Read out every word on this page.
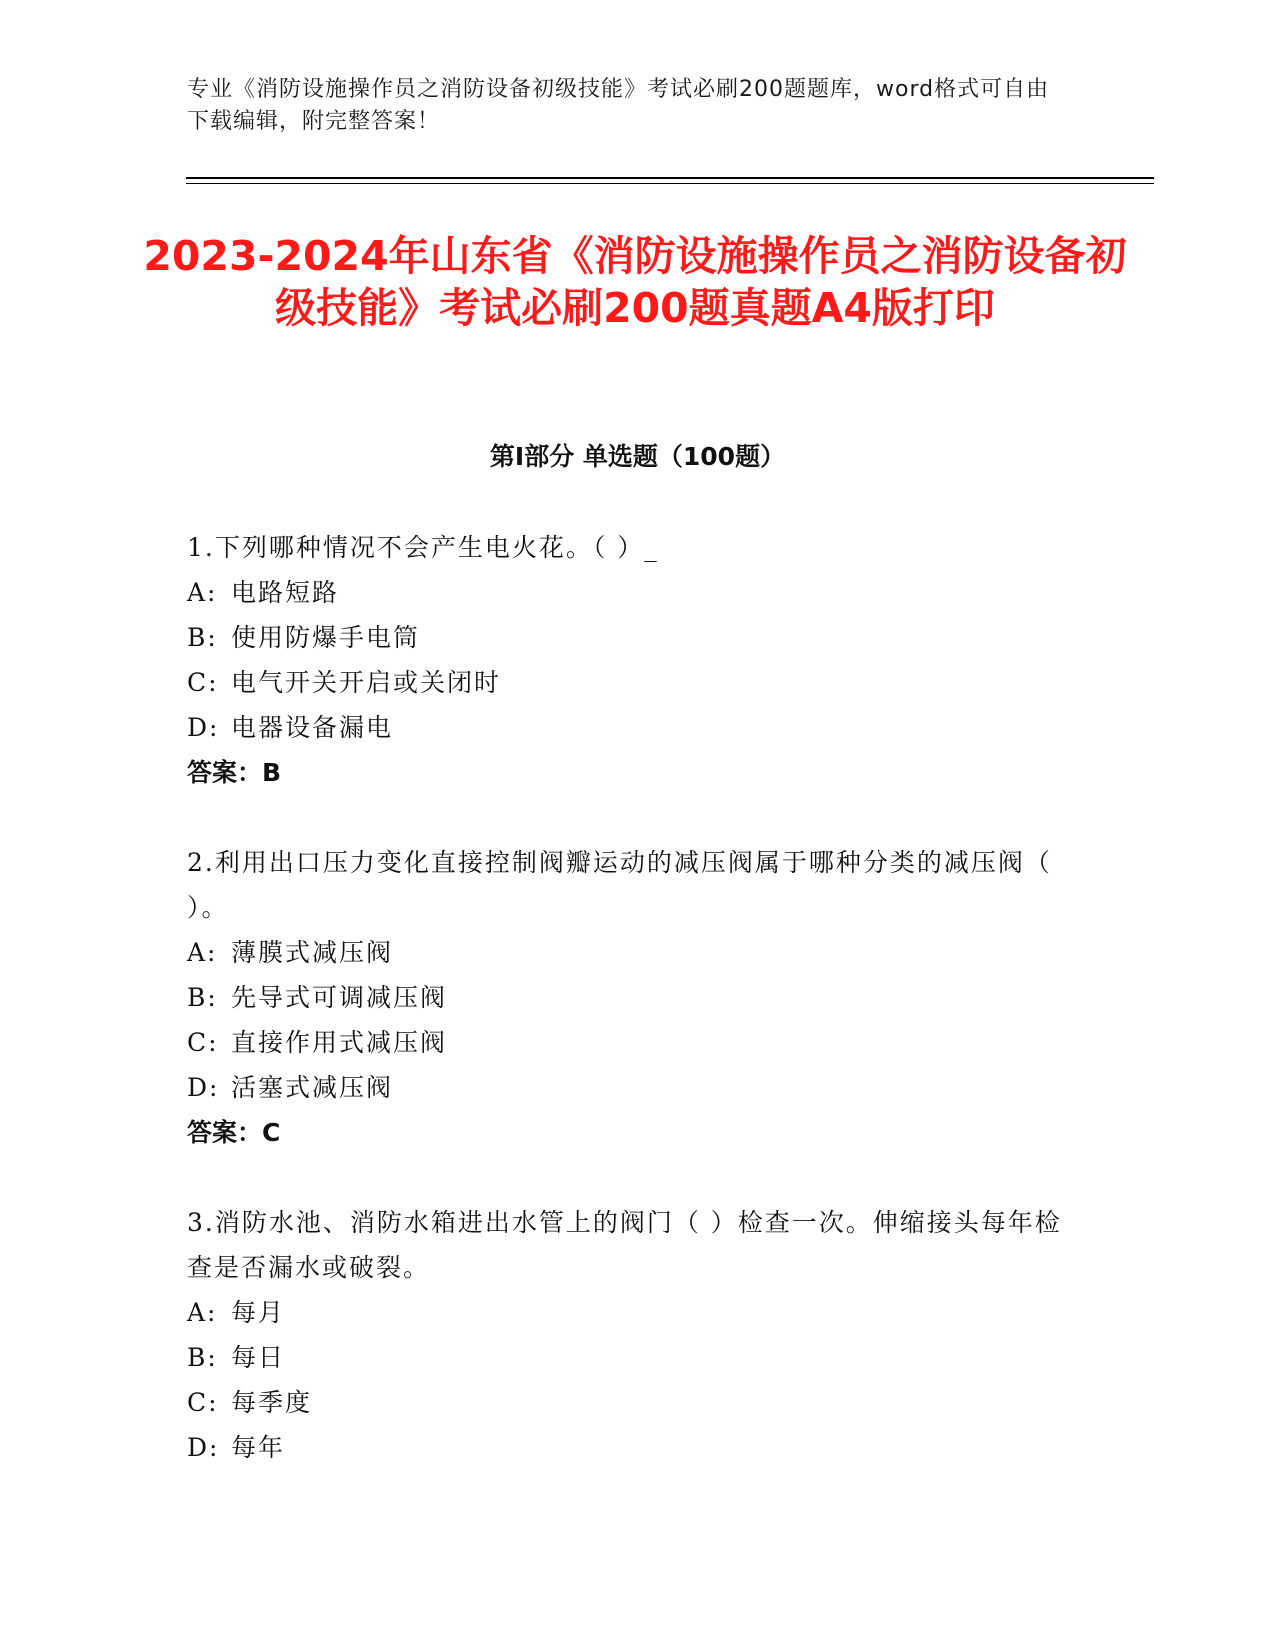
专业《消防设施操作员之消防设备初级技能》考试必刷200题题库，word格式可自由下载编辑，附完整答案！
2023-2024年山东省《消防设施操作员之消防设备初级技能》考试必刷200题真题A4版打印
第Ⅰ部分 单选题（100题）
1.下列哪种情况不会产生电火花。（ ）_
A: 电路短路
B: 使用防爆手电筒
C: 电气开关开启或关闭时
D: 电器设备漏电
答案：B
2.利用出口压力变化直接控制阀瓣运动的减压阀属于哪种分类的减压阀（ ）。
A: 薄膜式减压阀
B: 先导式可调减压阀
C: 直接作用式减压阀
D: 活塞式减压阀
答案：C
3.消防水池、消防水箱进出水管上的阀门（ ）检查一次。伸缩接头每年检查是否漏水或破裂。
A: 每月
B: 每日
C: 每季度
D: 每年
